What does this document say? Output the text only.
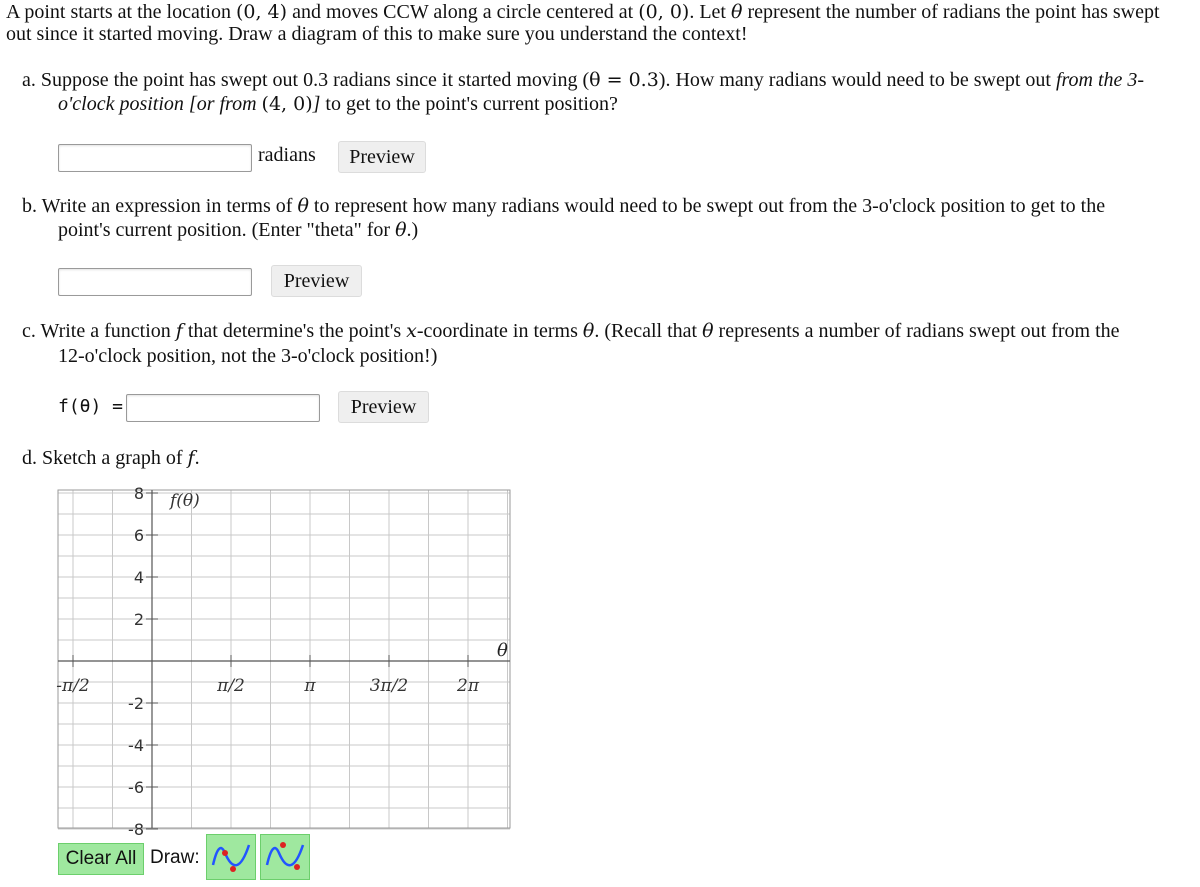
A point starts at the location (0, 4) and moves CCW along a circle centered at (0, 0). Let θ represent the number of radians the point has swept
out since it started moving. Draw a diagram of this to make sure you understand the context!
a. Suppose the point has swept out 0.3 radians since it started moving (θ = 0.3). How many radians would need to be swept out from the 3-
o'clock position [or from (4, 0)] to get to the point's current position?
radians	Preview
b. Write an expression in terms of θ to represent how many radians would need to be swept out from the 3-o'clock position to get to the
point's current position. (Enter "theta" for θ.)
Preview
c. Write a function f that determine's the point's x-coordinate in terms θ. (Recall that θ represents a number of radians swept out from the
12-o'clock position, not the 3-o'clock position!)
f(θ) =	Preview
d. Sketch a graph of f.
8
6
4
2
-2
-4
-6
-8
-π/2	π/2	π	3π/2	2π
f(θ)
θ
Clear All Draw:
